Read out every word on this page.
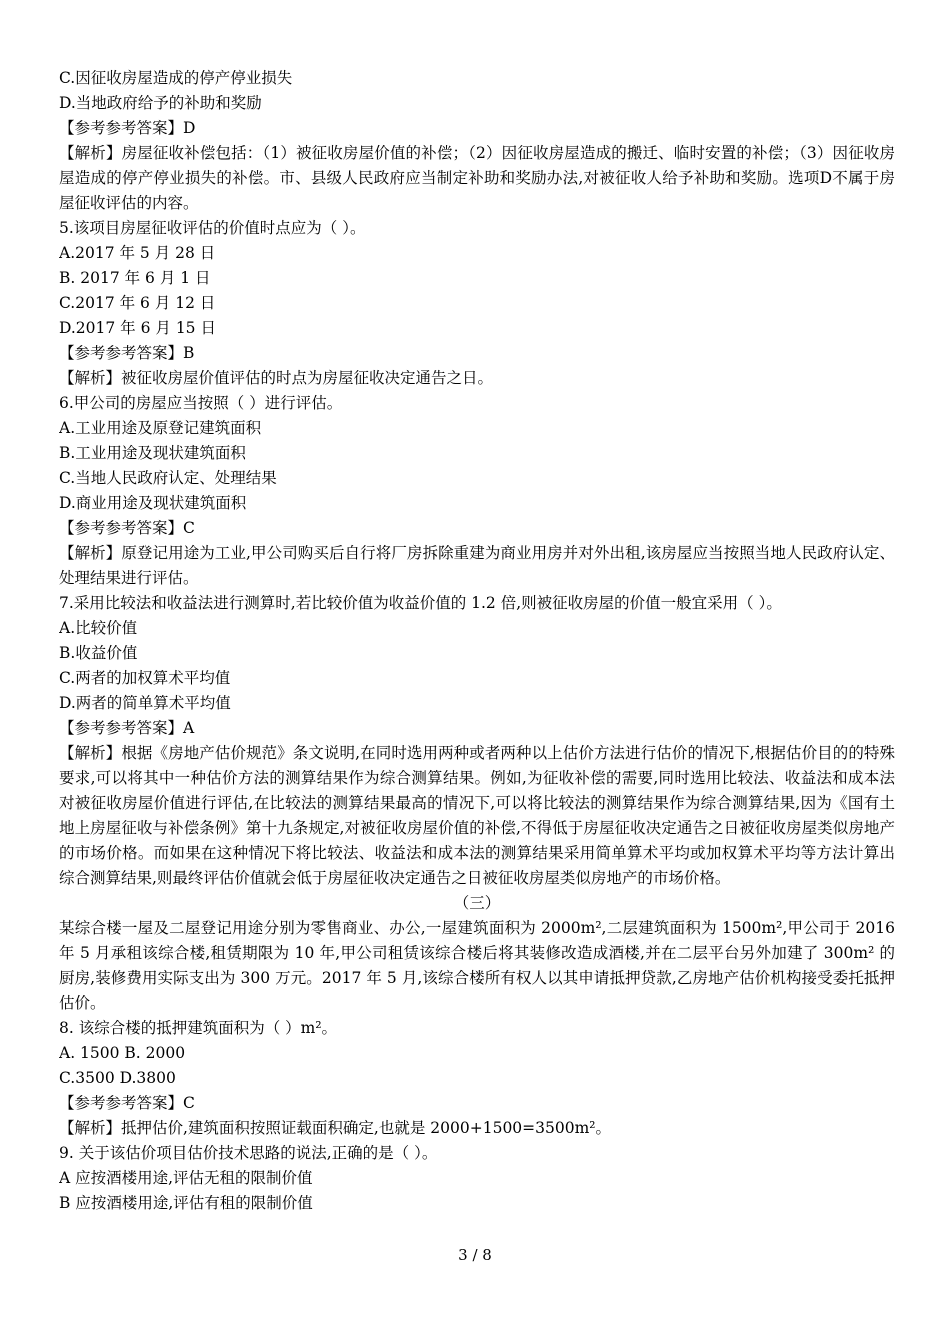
C.因征收房屋造成的停产停业损失
D.当地政府给予的补助和奖励
【参考参考答案】D
【解析】房屋征收补偿包括：（1）被征收房屋价值的补偿；（2）因征收房屋造成的搬迁、临时安置的补偿；（3）因征收房屋造成的停产停业损失的补偿。市、县级人民政府应当制定补助和奖励办法,对被征收人给予补助和奖励。选项D不属于房屋征收评估的内容。
5.该项目房屋征收评估的价值时点应为（ ）。
A.2017 年 5 月 28 日
B. 2017 年 6 月 1 日
C.2017 年 6 月 12 日
D.2017 年 6 月 15 日
【参考参考答案】B
【解析】被征收房屋价值评估的时点为房屋征收决定通告之日。
6.甲公司的房屋应当按照（ ）进行评估。
A.工业用途及原登记建筑面积
B.工业用途及现状建筑面积
C.当地人民政府认定、处理结果
D.商业用途及现状建筑面积
【参考参考答案】C
【解析】原登记用途为工业,甲公司购买后自行将厂房拆除重建为商业用房并对外出租,该房屋应当按照当地人民政府认定、处理结果进行评估。
7.采用比较法和收益法进行测算时,若比较价值为收益价值的 1.2 倍,则被征收房屋的价值一般宜采用（ ）。
A.比较价值
B.收益价值
C.两者的加权算术平均值
D.两者的简单算术平均值
【参考参考答案】A
【解析】根据《房地产估价规范》条文说明,在同时选用两种或者两种以上估价方法进行估价的情况下,根据估价目的的特殊要求,可以将其中一种估价方法的测算结果作为综合测算结果。例如,为征收补偿的需要,同时选用比较法、收益法和成本法对被征收房屋价值进行评估,在比较法的测算结果最高的情况下,可以将比较法的测算结果作为综合测算结果,因为《国有土地上房屋征收与补偿条例》第十九条规定,对被征收房屋价值的补偿,不得低于房屋征收决定通告之日被征收房屋类似房地产的市场价格。而如果在这种情况下将比较法、收益法和成本法的测算结果采用简单算术平均或加权算术平均等方法计算出综合测算结果,则最终评估价值就会低于房屋征收决定通告之日被征收房屋类似房地产的市场价格。
（三）
某综合楼一屋及二屋登记用途分别为零售商业、办公,一屋建筑面积为 2000m²,二层建筑面积为 1500m²,甲公司于 2016 年 5 月承租该综合楼,租赁期限为 10 年,甲公司租赁该综合楼后将其装修改造成酒楼,并在二层平台另外加建了 300m² 的厨房,装修费用实际支出为 300 万元。2017 年 5 月,该综合楼所有权人以其申请抵押贷款,乙房地产估价机构接受委托抵押估价。
8. 该综合楼的抵押建筑面积为（ ）m²。
A. 1500 B. 2000
C.3500 D.3800
【参考参考答案】C
【解析】抵押估价,建筑面积按照证载面积确定,也就是 2000+1500=3500m²。
9. 关于该估价项目估价技术思路的说法,正确的是（ ）。
A 应按酒楼用途,评估无租的限制价值
B 应按酒楼用途,评估有租的限制价值
3 / 8
